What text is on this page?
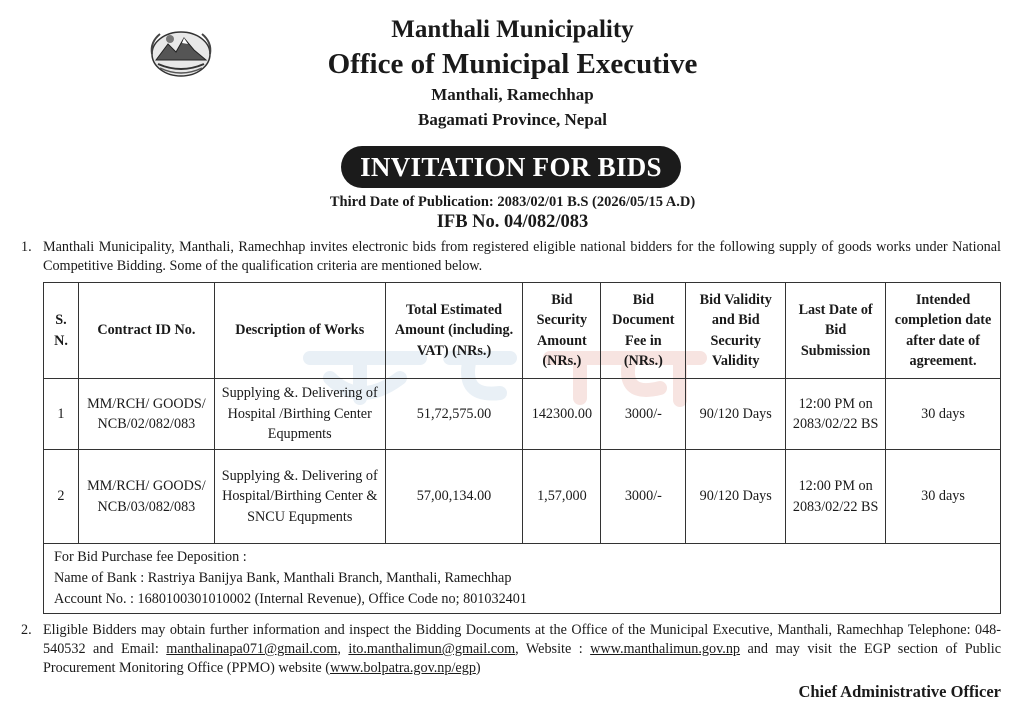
Manthali Municipality
Office of Municipal Executive
Manthali, Ramechhap
Bagamati Province, Nepal
INVITATION FOR BIDS
Third Date of Publication: 2083/02/01 B.S (2026/05/15 A.D)
IFB No. 04/082/083
1. Manthali Municipality, Manthali, Ramechhap invites electronic bids from registered eligible national bidders for the following supply of goods works under National Competitive Bidding. Some of the qualification criteria are mentioned below.
S. N.	Contract ID No.	Description of Works	Total Estimated Amount (including. VAT) (NRs.)	Bid Security Amount (NRs.)	Bid Document Fee in (NRs.)	Bid Validity and Bid Security Validity	Last Date of Bid Submission	Intended completion date after date of agreement.
1	MM/RCH/ GOODS/ NCB/02/082/083	Supplying &. Delivering of Hospital /Birthing Center Equpments	51,72,575.00	142300.00	3000/-	90/120 Days	12:00 PM on 2083/02/22 BS	30 days
2	MM/RCH/ GOODS/ NCB/03/082/083	Supplying &. Delivering of Hospital/Birthing Center & SNCU Equpments	57,00,134.00	1,57,000	3000/-	90/120 Days	12:00 PM on 2083/02/22 BS	30 days

For Bid Purchase fee Deposition :
Name of Bank : Rastriya Banijya Bank, Manthali Branch, Manthali, Ramechhap
Account No. : 1680100301010002 (Internal Revenue), Office Code no; 801032401								
2. Eligible Bidders may obtain further information and inspect the Bidding Documents at the Office of the Municipal Executive, Manthali, Ramechhap Telephone: 048-540532 and Email: manthalinapa071@gmail.com, ito.manthalimun@gmail.com, Website : www.manthalimun.gov.np and may visit the EGP section of Public Procurement Monitoring Office (PPMO) website (www.bolpatra.gov.np/egp)
Chief Administrative Officer
